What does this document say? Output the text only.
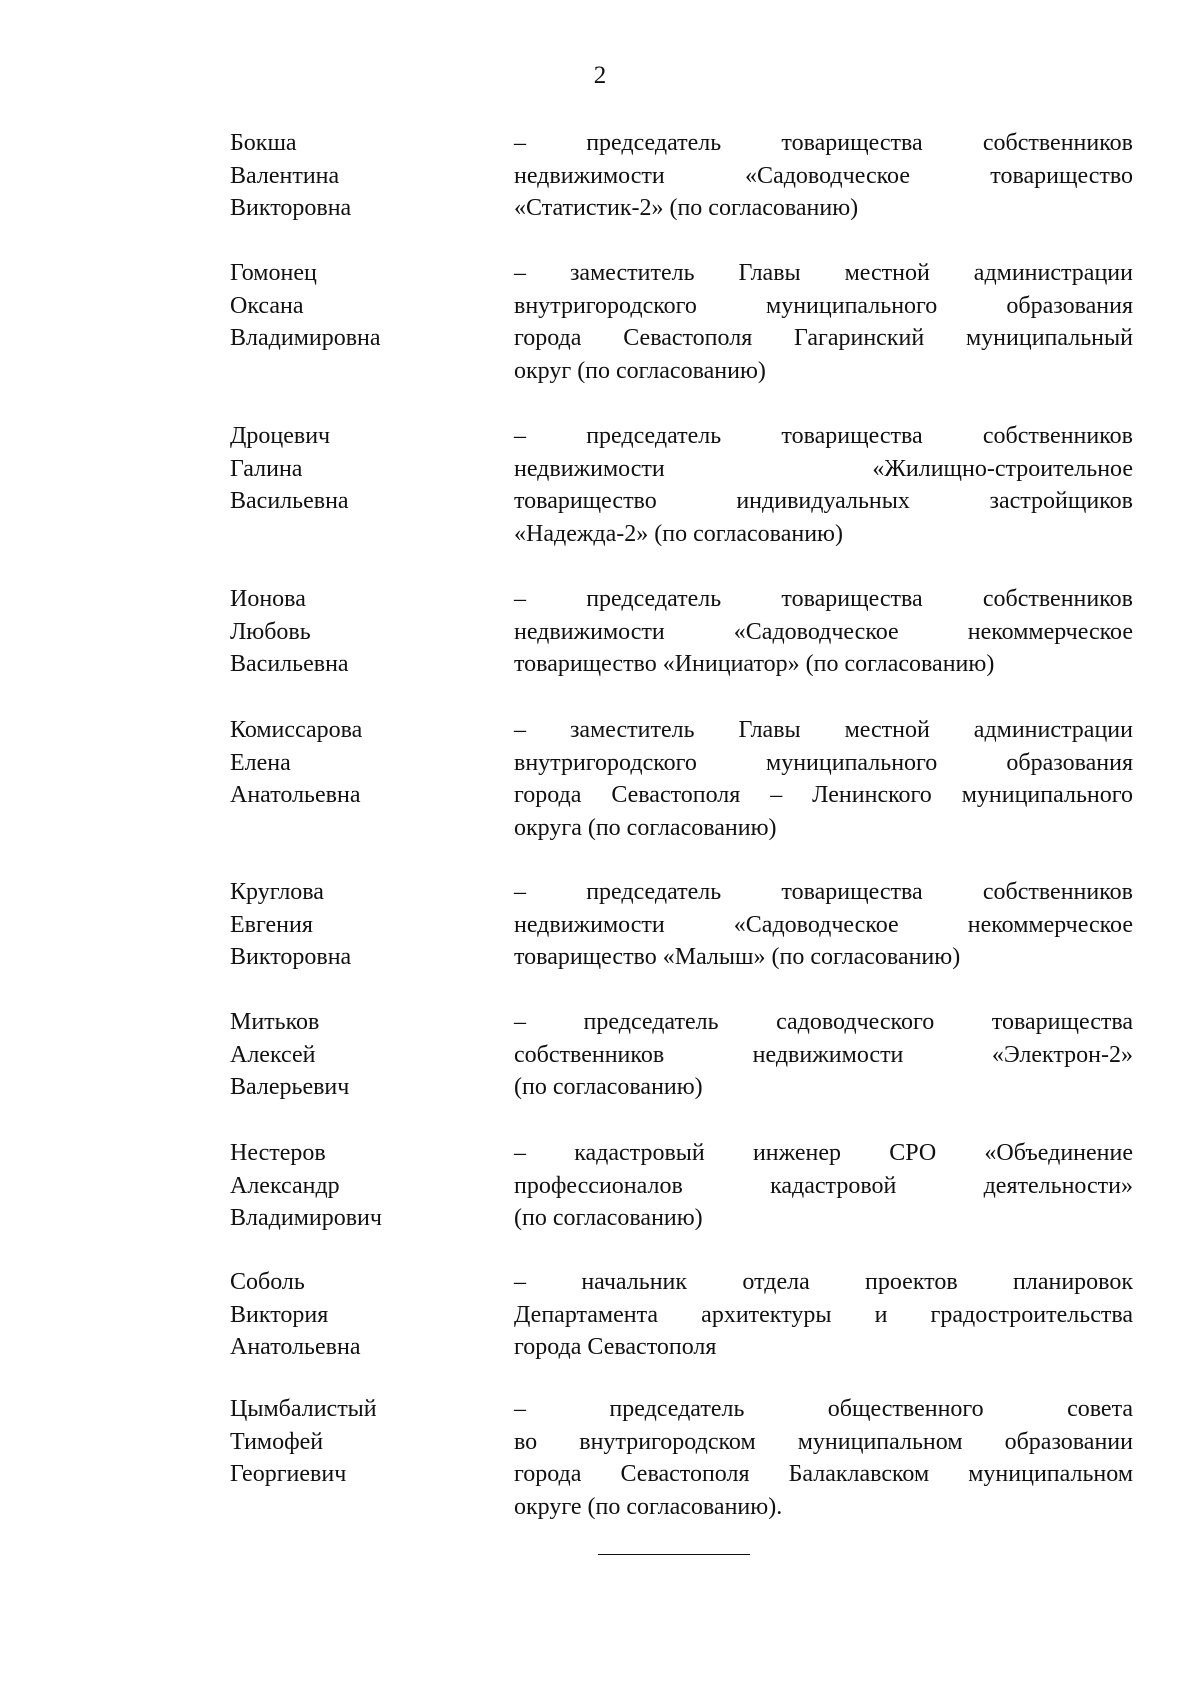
2
Бокша
Валентина
Викторовна
– председатель товарищества собственников
недвижимости «Садоводческое товарищество
«Статистик-2» (по согласованию)
Гомонец
Оксана
Владимировна
– заместитель Главы местной администрации
внутригородского муниципального образования
города Севастополя Гагаринский муниципальный
округ (по согласованию)
Дроцевич
Галина
Васильевна
– председатель товарищества собственников
недвижимости «Жилищно-строительное
товарищество индивидуальных застройщиков
«Надежда-2» (по согласованию)
Ионова
Любовь
Васильевна
– председатель товарищества собственников
недвижимости «Садоводческое некоммерческое
товарищество «Инициатор» (по согласованию)
Комиссарова
Елена
Анатольевна
– заместитель Главы местной администрации
внутригородского муниципального образования
города Севастополя – Ленинского муниципального
округа (по согласованию)
Круглова
Евгения
Викторовна
– председатель товарищества собственников
недвижимости «Садоводческое некоммерческое
товарищество «Малыш» (по согласованию)
Митьков
Алексей
Валерьевич
– председатель садоводческого товарищества
собственников недвижимости «Электрон-2»
(по согласованию)
Нестеров
Александр
Владимирович
– кадастровый инженер СРО «Объединение
профессионалов кадастровой деятельности»
(по согласованию)
Соболь
Виктория
Анатольевна
– начальник отдела проектов планировок
Департамента архитектуры и градостроительства
города Севастополя
Цымбалистый
Тимофей
Георгиевич
– председатель общественного совета
во внутригородском муниципальном образовании
города Севастополя Балаклавском муниципальном
округе (по согласованию).
